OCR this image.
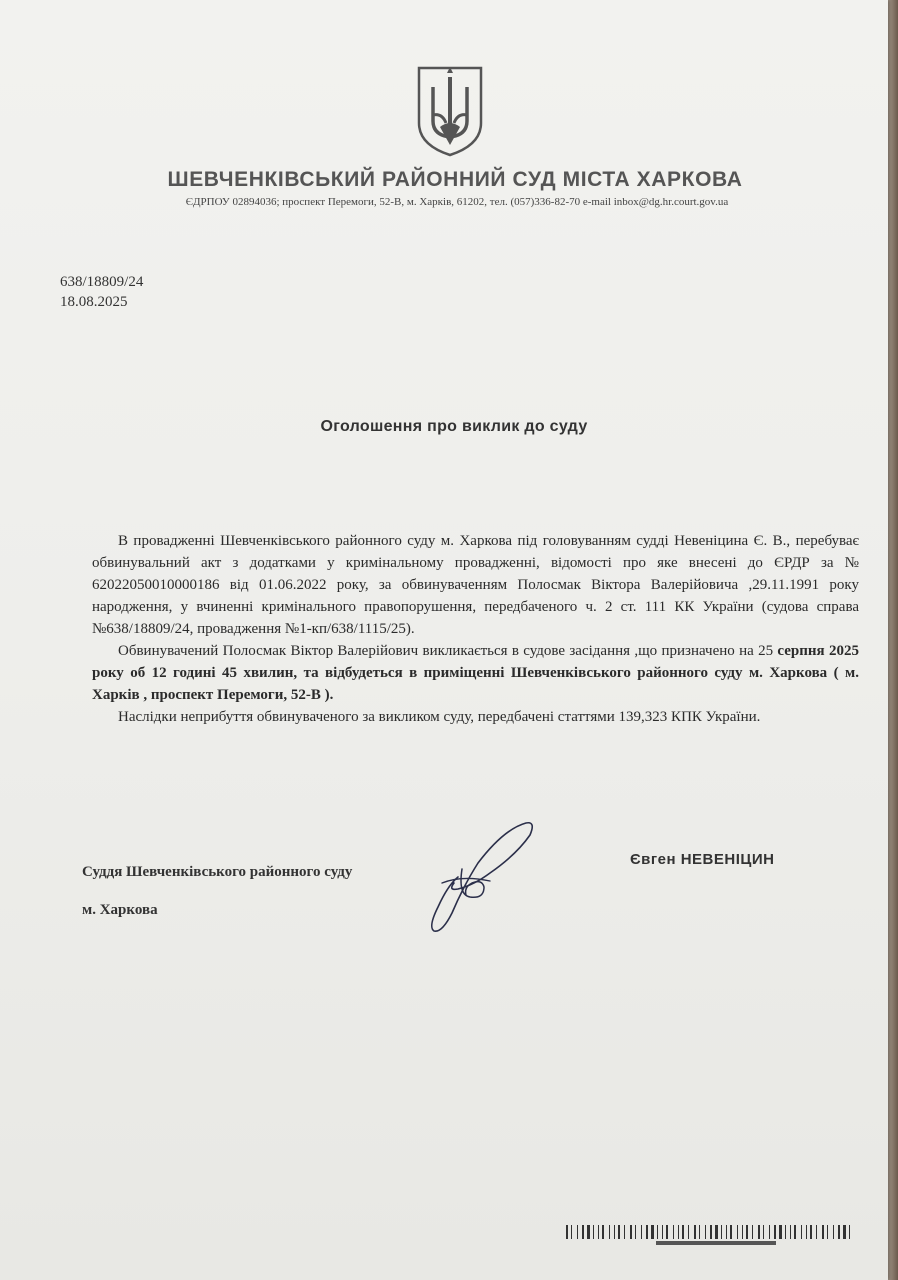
ШЕВЧЕНКІВСЬКИЙ РАЙОННИЙ СУД МІСТА ХАРКОВА
ЄДРПОУ 02894036; проспект Перемоги, 52-В, м. Харків, 61202, тел. (057)336-82-70 e-mail inbox@dg.hr.court.gov.ua
638/18809/24
18.08.2025
Оголошення про виклик до суду

В провадженні Шевченківського районного суду м. Харкова під головуванням судді Невеніцина Є. В., перебуває обвинувальний акт з додатками у кримінальному провадженні, відомості про яке внесені до ЄРДР за № 62022050010000186 від 01.06.2022 року, за обвинуваченням Полосмак Віктора Валерійовича ,29.11.1991 року народження, у вчиненні кримінального правопорушення, передбаченого ч. 2 ст. 111 КК України (судова справа №638/18809/24, провадження №1-кп/638/1115/25).

Обвинувачений Полосмак Віктор Валерійович викликається в судове засідання ,що призначено на 25 серпня 2025 року об 12 годині 45 хвилин, та відбудеться в приміщенні Шевченківського районного суду м. Харкова ( м. Харків , проспект Перемоги, 52-В ).

Наслідки неприбуття обвинуваченого за викликом суду, передбачені статтями 139,323 КПК України.

Суддя Шевченківського районного суду
м. Харкова
Євген НЕВЕНІЦИН
